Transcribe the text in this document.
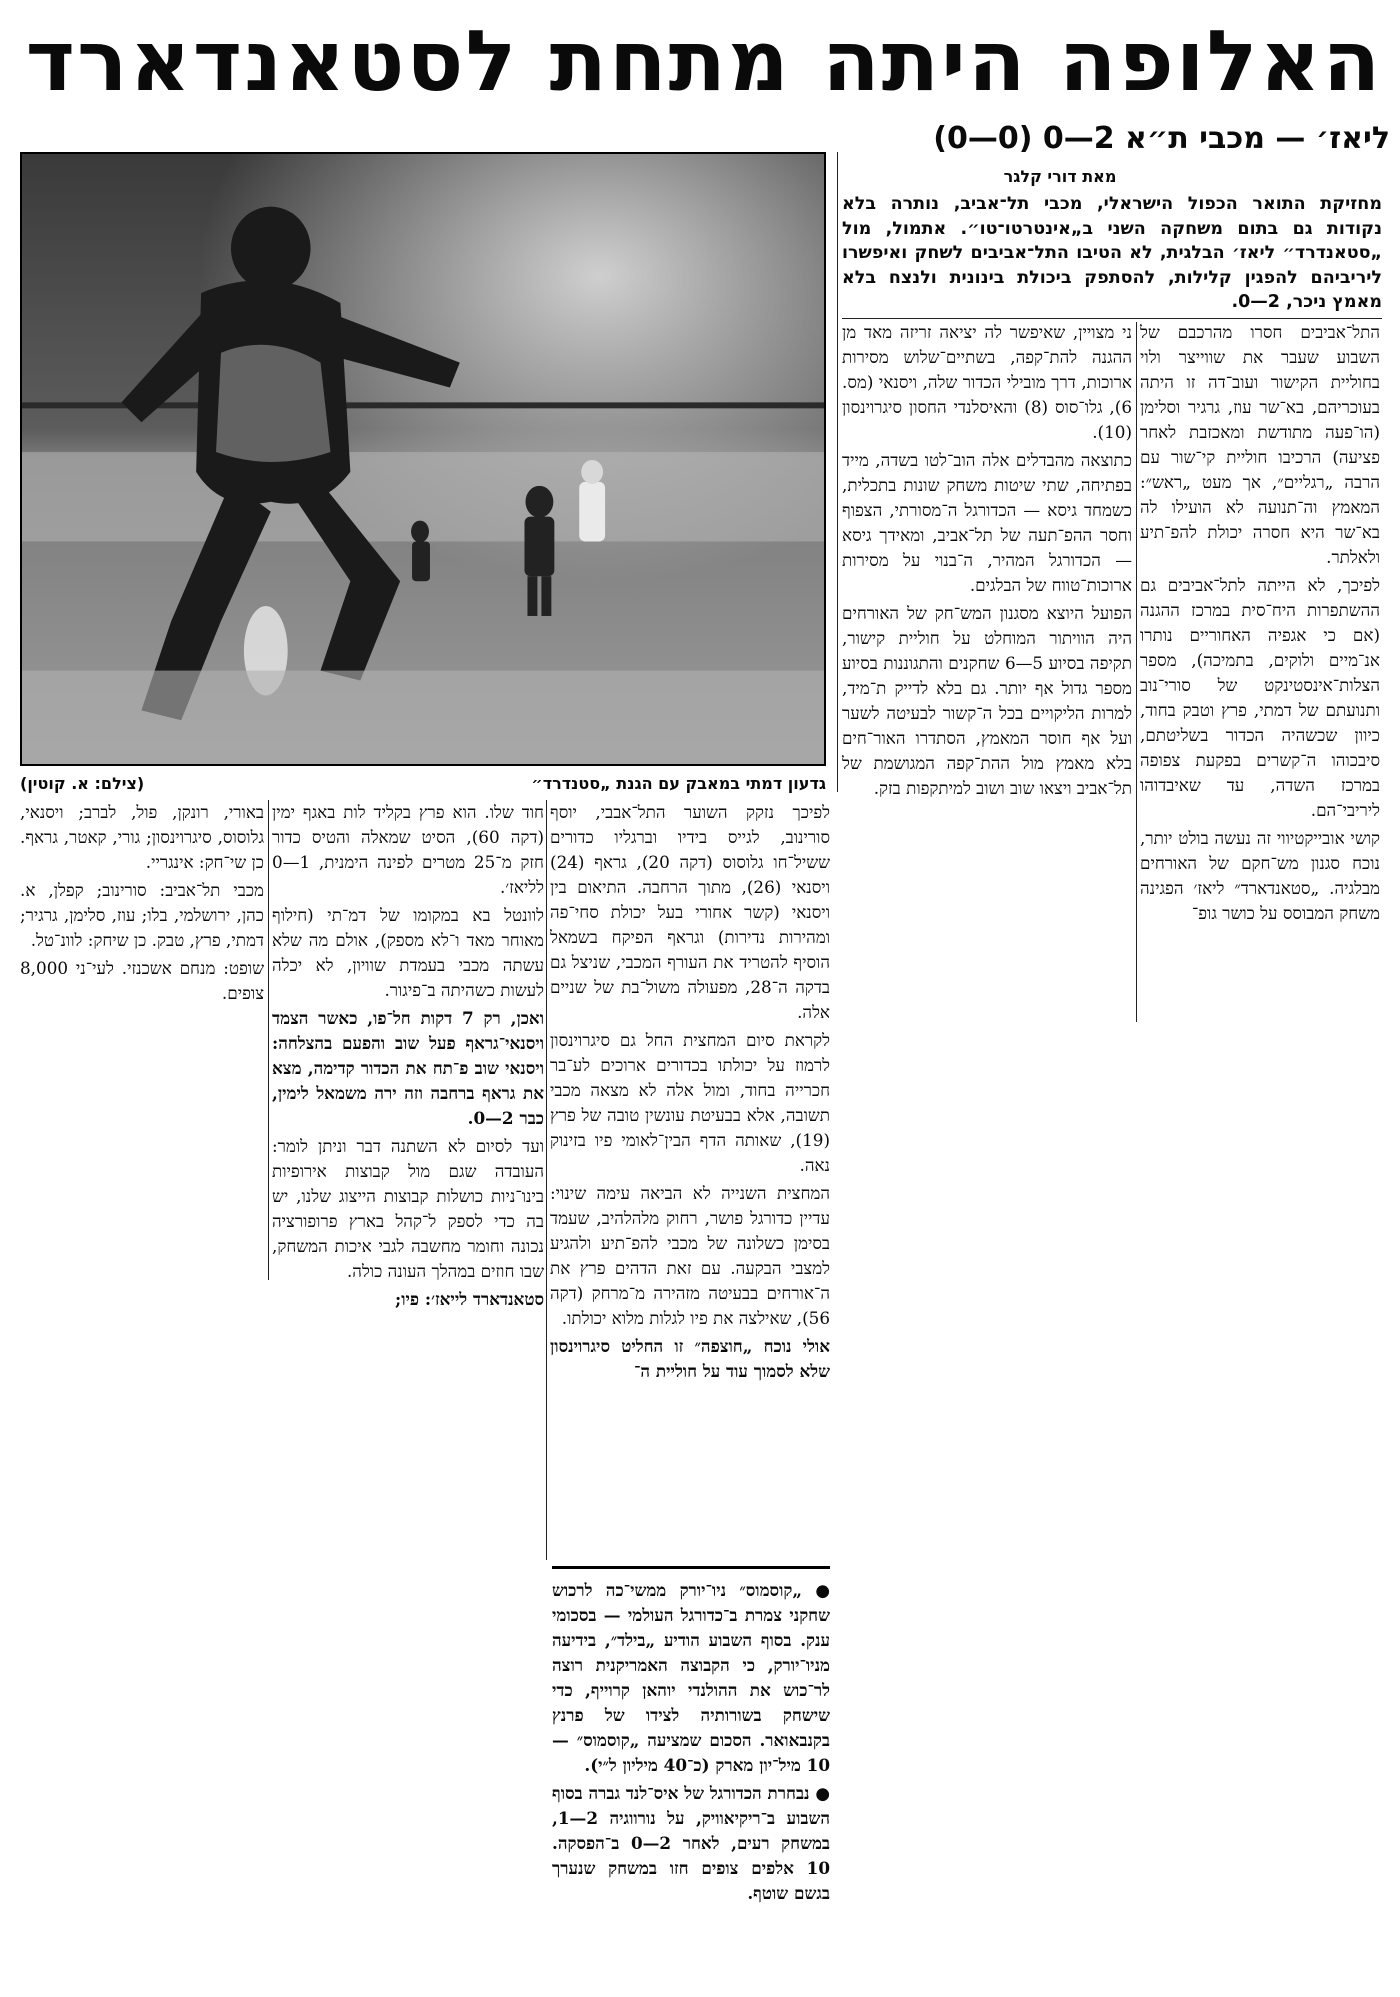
האלופה היתה מתחת לסטאנדארד
ליאז׳ — מכבי ת״א 2—0 (0—0)
מאת דורי קלגר
מחזיקת התואר הכפול הישראלי, מכבי תל־אביב, נותרה בלא נקודות גם בתום משחקה השני ב„אינטרטו־טו״. אתמול, מול „סטאנדרד״ ליאז׳ הבלגית, לא הטיבו התל־אביבים לשחק ואיפשרו ליריביהם להפגין קלילות, להסתפק ביכולת בינונית ולנצח בלא מאמץ ניכר, 2—0.
גדעון דמתי במאבק עם הגנת „סטנדרד״
(צילם: א. קוטין)

התל־אביבים חסרו מהרכבם של השבוע שעבר את שווייצר ולוי בחוליית הקישור ועוב־דה זו היתה בעוכריהם, בא־שר עוז, גרגיר וסלימן (הו־פעה מתודשת ומאכזבת לאחר פציעה) הרכיבו חוליית קי־שור עם הרבה „רגליים״, אך מעט „ראש״: המאמץ וה־תנועה לא הועילו לה בא־שר היא חסרה יכולת להפ־תיע ולאלתר.

לפיכך, לא הייתה לתל־אביבים גם ההשתפרות היח־סית במרכז ההגנה (אם כי אגפיה האחוריים נותרו אנ־מיים ולוקים, בתמיכה), מספר הצלות־אינסטינקט של סורי־נוב ותנועתם של דמתי, פרץ וטבק בחוד, כיוון שכשהיה הכדור בשליטתם, סיבכוהו ה־קשרים בפקעת צפופה במרכז השדה, עד שאיבדוהו ליריבי־הם.

קושי אובייקטיווי זה נעשה בולט יותר, נוכח סגנון מש־חקם של האורחים מבלגיה. „סטאנדארד״ ליאז׳ הפגינה משחק המבוסס על כושר גופ־

ני מצויין, שאיפשר לה יציאה זריזה מאד מן ההגנה להת־קפה, בשתיים־שלוש מסירות ארוכות, דרך מובילי הכדור שלה, ויסנאי (מס. 6), גלו־סוס (8) והאיסלנדי החסון סיגרוינסון (10).

כתוצאה מהבדלים אלה הוב־לטו בשדה, מייד בפתיחה, שתי שיטות משחק שונות בתכלית, כשמחד גיסא — הכדורגל ה־מסורתי, הצפוף וחסר ההפ־תעה של תל־אביב, ומאידך גיסא — הכדורגל המהיר, ה־בנוי על מסירות ארוכות־טווח של הבלגים.

הפועל היוצא מסגנון המש־חק של האורחים היה הוויתור המוחלט על חוליית קישור, תקיפה בסיוע 5—6 שחקנים והתגוננות בסיוע מספר גדול אף יותר. גם בלא לדייק ת־מיד, למרות הליקויים בכל ה־קשור לבעיטה לשער ועל אף חוסר המאמץ, הסתדרו האור־חים בלא מאמץ מול ההת־קפה המגושמת של תל־אביב ויצאו שוב ושוב למיתקפות בזק.

לפיכך נזקק השוער התל־אבבי, יוסף סורינוב, לגייס בידיו וברגליו כדורים ששיל־חו גלוסוס (דקה 20), גראף (24) ויסנאי (26), מתוך הרחבה. התיאום בין ויסנאי (קשר אחורי בעל יכולת סחי־פה ומהירות נדירות) וגראף הפיקח בשמאל הוסיף להטריד את העורף המכבי, שניצל גם בדקה ה־28, מפעולה משול־בת של שניים אלה.

לקראת סיום המחצית החל גם סיגרוינסון לרמוז על יכולתו בכדורים ארוכים לע־בר חכרייה בחוד, ומול אלה לא מצאה מכבי תשובה, אלא בבעיטת עונשין טובה של פרץ (19), שאותה הדף הבין־לאומי פיו בזינוק נאה.

המחצית השנייה לא הביאה עימה שינוי: עדיין כדורגל פושר, רחוק מלהלהיב, שעמד בסימן כשלונה של מכבי להפ־תיע ולהגיע למצבי הבקעה. עם זאת הדהים פרץ את ה־אורחים בבעיטה מזהירה מ־מרחק (דקה 56), שאילצה את פיו לגלות מלוא יכולתו.

אולי נוכח „חוצפה״ זו החליט סיגרוינסון שלא לסמוך עוד על חוליית ה־

חוד שלו. הוא פרץ בקליד לות באגף ימין (דקה 60), הסיט שמאלה והטיס כדור חזק מ־25 מטרים לפינה הימנית, 1—0 לליאז׳.

לוונטל בא במקומו של דמ־תי (חילוף מאוחר מאד ו־לא מספק), אולם מה שלא עשתה מכבי בעמדת שוויון, לא יכלה לעשות כשהיתה ב־פיגור.

ואכן, רק 7 דקות חל־פו, כאשר הצמד ויסנאי־גראף פעל שוב והפעם בהצלחה: ויסנאי שוב פ־תח את הכדור קדימה, מצא את גראף ברחבה וזה ירה משמאל לימין, כבר 2—0.

ועד לסיום לא השתנה דבר וניתן לומר: העובדה שגם מול קבוצות אירופיות בינו־ניות כושלות קבוצות הייצוג שלנו, יש בה כדי לספק ל־קהל בארץ פרופורציה נכונה וחומר מחשבה לגבי איכות המשחק, שבו חוזים במהלך העונה כולה.

סטאנדארד לייאז׳: פיו;

באורי, רונקן, פול, לברב; ויסנאי, גלוסוס, סיגרוינסון; גורי, קאטר, גראף. כן שי־חק: אינגריי.

מכבי תל־אביב: סורינוב; קפלן, א. כהן, ירושלמי, בלו; עוז, סלימן, גרגיר; דמתי, פרץ, טבק. כן שיחק: לוונ־טל.

שופט: מנחם אשכנזי. לעי־ני 8,000 צופים.

● „קוסמוס״ ניו־יורק ממשי־כה לרכוש שחקני צמרת ב־כדורגל העולמי — בסכומי ענק. בסוף השבוע הודיע „בילד״, בידיעה מניו־יורק, כי הקבוצה האמריקנית רוצה לר־כוש את ההולנדי יוהאן קרוייף, כדי שישחק בשורותיה לצידו של פרנץ בקנבאואר. הסכום שמציעה „קוסמוס״ — 10 מיל־יון מארק (כ־40 מיליון ל״י).

● נבחרת הכדורגל של איס־לנד גברה בסוף השבוע ב־ריקיאוויק, על נורווגיה 2—1, במשחק רעים, לאחר 2—0 ב־הפסקה. 10 אלפים צופים חזו במשחק שנערך בגשם שוטף.
